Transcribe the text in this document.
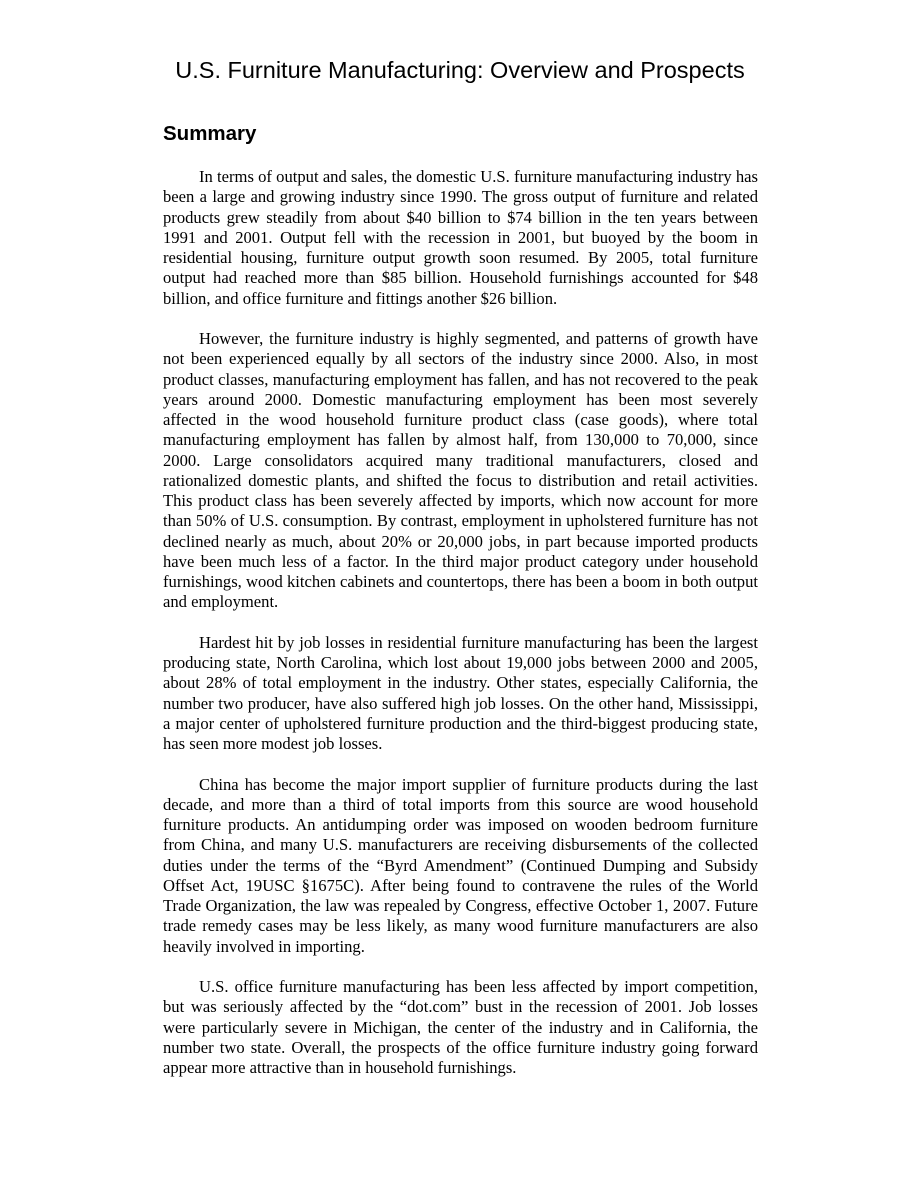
U.S. Furniture Manufacturing: Overview and Prospects
Summary

In terms of output and sales, the domestic U.S. furniture manufacturing industry has been a large and growing industry since 1990. The gross output of furniture and related products grew steadily from about $40 billion to $74 billion in the ten years between 1991 and 2001. Output fell with the recession in 2001, but buoyed by the boom in residential housing, furniture output growth soon resumed. By 2005, total furniture output had reached more than $85 billion. Household furnishings accounted for $48 billion, and office furniture and fittings another $26 billion.

However, the furniture industry is highly segmented, and patterns of growth have not been experienced equally by all sectors of the industry since 2000. Also, in most product classes, manufacturing employment has fallen, and has not recovered to the peak years around 2000. Domestic manufacturing employment has been most severely affected in the wood household furniture product class (case goods), where total manufacturing employment has fallen by almost half, from 130,000 to 70,000, since 2000. Large consolidators acquired many traditional manufacturers, closed and rationalized domestic plants, and shifted the focus to distribution and retail activities. This product class has been severely affected by imports, which now account for more than 50% of U.S. consumption. By contrast, employment in upholstered furniture has not declined nearly as much, about 20% or 20,000 jobs, in part because imported products have been much less of a factor. In the third major product category under household furnishings, wood kitchen cabinets and countertops, there has been a boom in both output and employment.

Hardest hit by job losses in residential furniture manufacturing has been the largest producing state, North Carolina, which lost about 19,000 jobs between 2000 and 2005, about 28% of total employment in the industry. Other states, especially California, the number two producer, have also suffered high job losses. On the other hand, Mississippi, a major center of upholstered furniture production and the third-biggest producing state, has seen more modest job losses.

China has become the major import supplier of furniture products during the last decade, and more than a third of total imports from this source are wood household furniture products. An antidumping order was imposed on wooden bedroom furniture from China, and many U.S. manufacturers are receiving disbursements of the collected duties under the terms of the “Byrd Amendment” (Continued Dumping and Subsidy Offset Act, 19USC §1675C). After being found to contravene the rules of the World Trade Organization, the law was repealed by Congress, effective October 1, 2007. Future trade remedy cases may be less likely, as many wood furniture manufacturers are also heavily involved in importing.

U.S. office furniture manufacturing has been less affected by import competition, but was seriously affected by the “dot.com” bust in the recession of 2001. Job losses were particularly severe in Michigan, the center of the industry and in California, the number two state. Overall, the prospects of the office furniture industry going forward appear more attractive than in household furnishings.
